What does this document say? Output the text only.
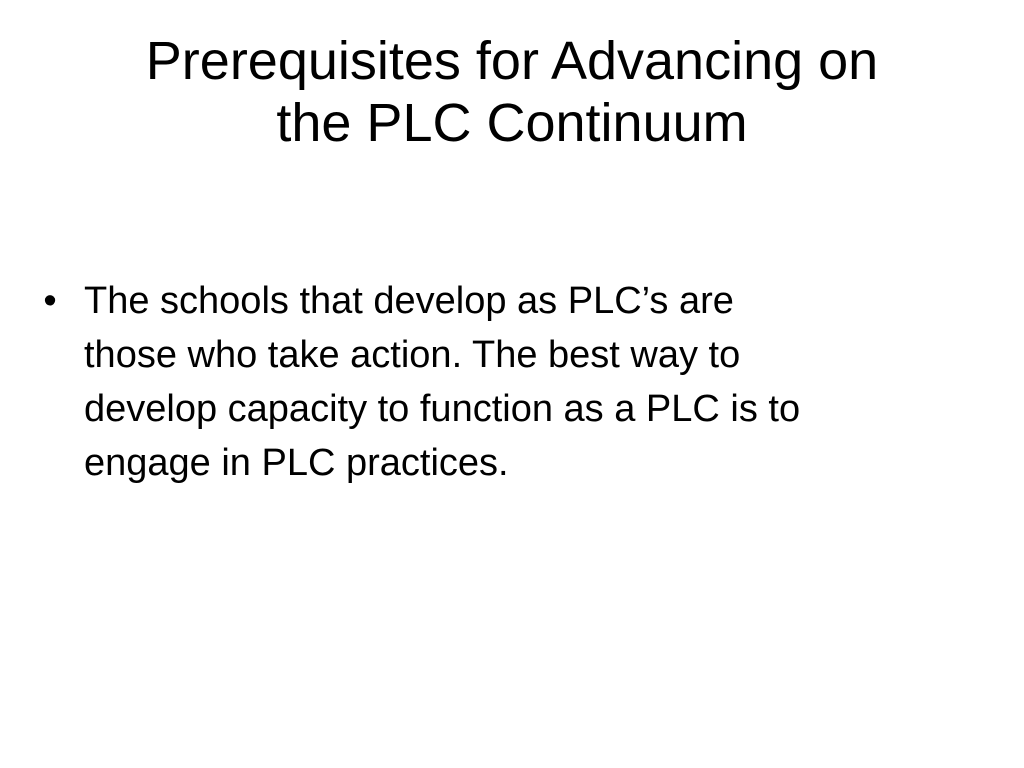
Prerequisites for Advancing on
the PLC Continuum
• The schools that develop as PLC’s are
those who take action. The best way to
develop capacity to function as a PLC is to
engage in PLC practices.
